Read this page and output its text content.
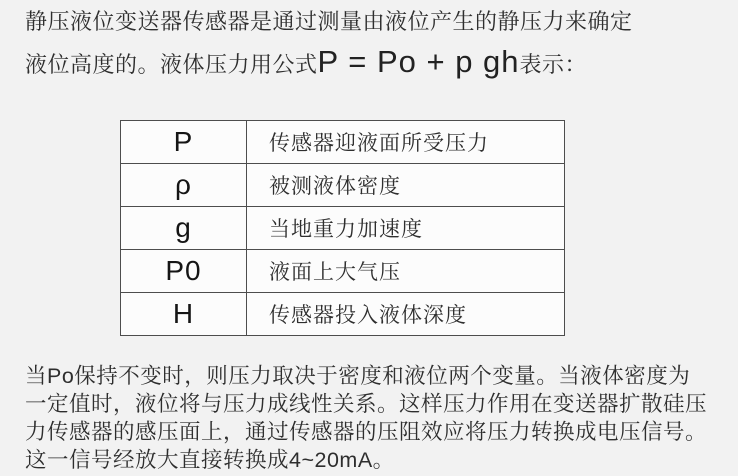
静压液位变送器传感器是通过测量由液位产生的静压力来确定
液位高度的。液体压力用公式P = Po + p gh表示：

P	传感器迎液面所受压力
ρ	被测液体密度
g	当地重力加速度
P0	液面上大气压
H	传感器投入液体深度

当Po保持不变时，则压力取决于密度和液位两个变量。当液体密度为
一定值时，液位将与压力成线性关系。这样压力作用在变送器扩散硅压
力传感器的感压面上，通过传感器的压阻效应将压力转换成电压信号。
这一信号经放大直接转换成4~20mA。
